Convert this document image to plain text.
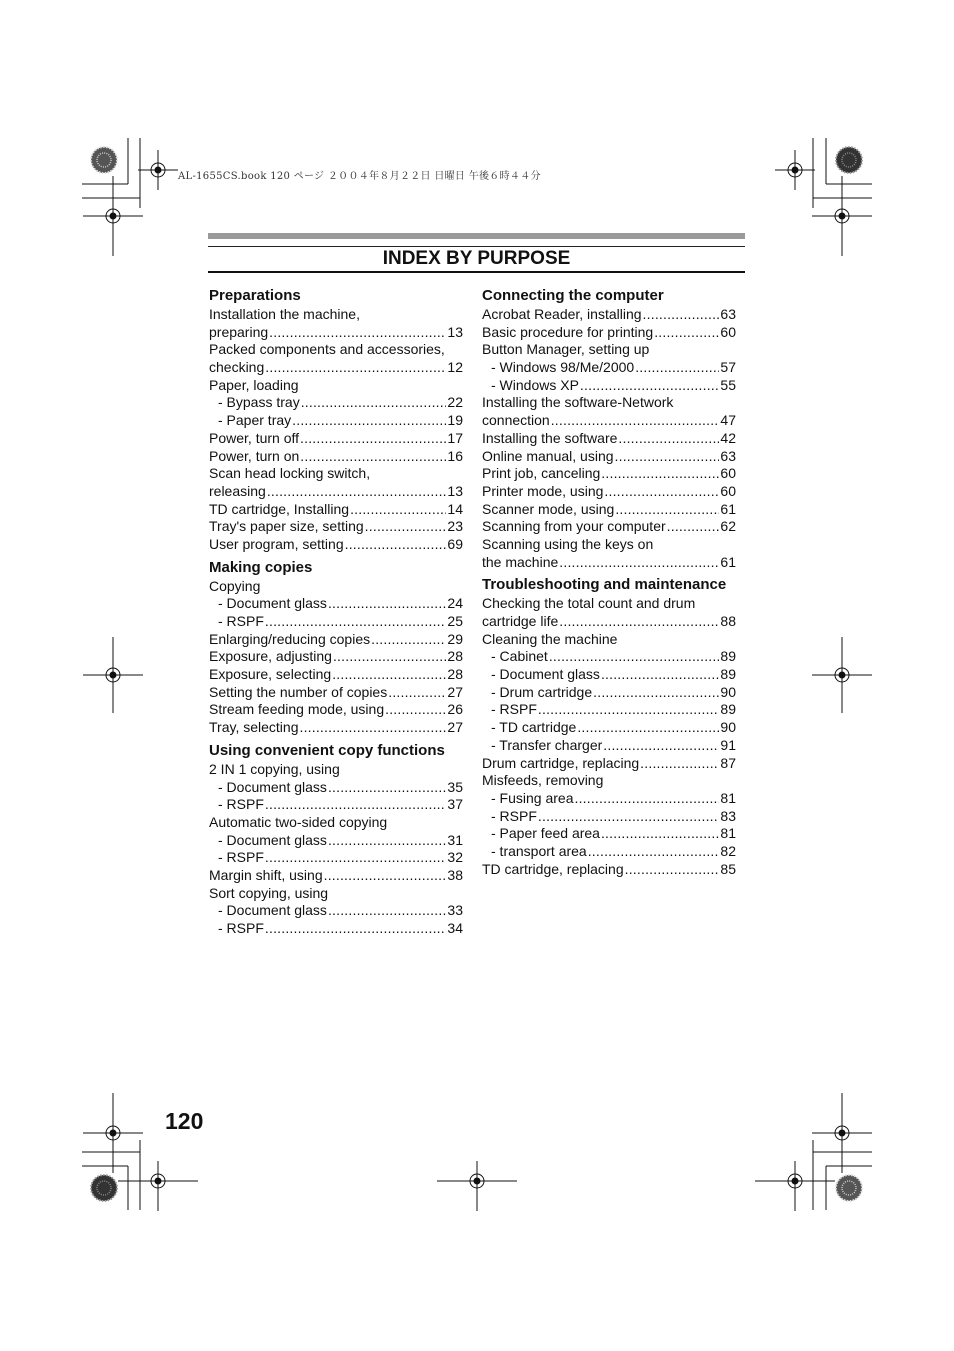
AL-1655CS.book 120 ページ ２００４年８月２２日 日曜日 午後６時４４分
INDEX BY PURPOSE
Preparations
Installation the machine,
preparing .....	13
Packed components and accessories,
checking .....	12
Paper, loading
- Bypass tray .....	22
- Paper tray .....	19
Power, turn off .....	17
Power, turn on .....	16
Scan head locking switch,
releasing .....	13
TD cartridge, Installing .....	14
Tray's paper size, setting .....	23
User program, setting .....	69
Making copies
Copying
- Document glass .....	24
- RSPF .....	25
Enlarging/reducing copies .....	29
Exposure, adjusting .....	28
Exposure, selecting .....	28
Setting the number of copies .....	27
Stream feeding mode, using .....	26
Tray, selecting .....	27
Using convenient copy functions
2 IN 1 copying, using
- Document glass .....	35
- RSPF .....	37
Automatic two-sided copying
- Document glass .....	31
- RSPF .....	32
Margin shift, using .....	38
Sort copying, using
- Document glass .....	33
- RSPF .....	34
Connecting the computer
Acrobat Reader, installing .....	63
Basic procedure for printing .....	60
Button Manager, setting up
- Windows 98/Me/2000 .....	57
- Windows XP .....	55
Installing the software-Network
connection .....	47
Installing the software .....	42
Online manual, using .....	63
Print job, canceling .....	60
Printer mode, using .....	60
Scanner mode, using .....	61
Scanning from your computer .....	62
Scanning using the keys on
the machine .....	61
Troubleshooting and maintenance
Checking the total count and drum
cartridge life .....	88
Cleaning the machine
- Cabinet .....	89
- Document glass .....	89
- Drum cartridge .....	90
- RSPF .....	89
- TD cartridge .....	90
- Transfer charger .....	91
Drum cartridge, replacing .....	87
Misfeeds, removing
- Fusing area .....	81
- RSPF .....	83
- Paper feed area .....	81
- transport area .....	82
TD cartridge, replacing .....	85
120
